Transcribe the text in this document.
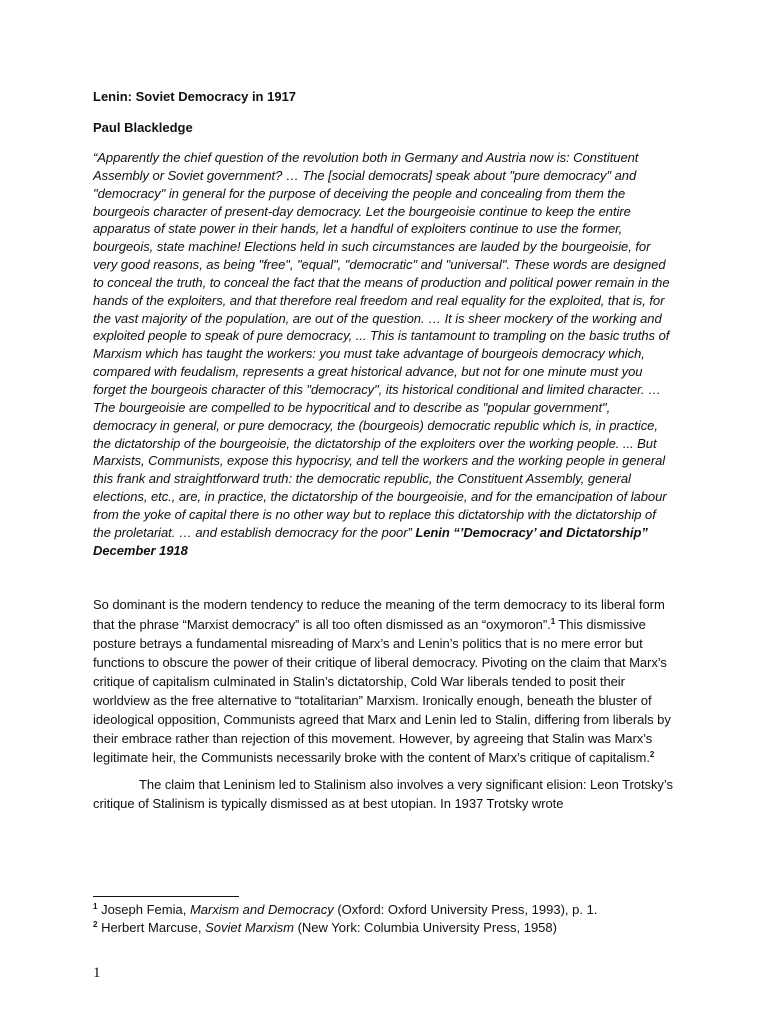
Lenin: Soviet Democracy in 1917

Paul Blackledge

“Apparently the chief question of the revolution both in Germany and Austria now is: Constituent Assembly or Soviet government? … The [social democrats] speak about "pure democracy" and "democracy" in general for the purpose of deceiving the people and concealing from them the bourgeois character of present-day democracy. Let the bourgeoisie continue to keep the entire apparatus of state power in their hands, let a handful of exploiters continue to use the former, bourgeois, state machine! Elections held in such circumstances are lauded by the bourgeoisie, for very good reasons, as being "free", "equal", "democratic" and "universal". These words are designed to conceal the truth, to conceal the fact that the means of production and political power remain in the hands of the exploiters, and that therefore real freedom and real equality for the exploited, that is, for the vast majority of the population, are out of the question. … It is sheer mockery of the working and exploited people to speak of pure democracy, ... This is tantamount to trampling on the basic truths of Marxism which has taught the workers: you must take advantage of bourgeois democracy which, compared with feudalism, represents a great historical advance, but not for one minute must you forget the bourgeois character of this "democracy", its historical conditional and limited character. … The bourgeoisie are compelled to be hypocritical and to describe as "popular government", democracy in general, or pure democracy, the (bourgeois) democratic republic which is, in practice, the dictatorship of the bourgeoisie, the dictatorship of the exploiters over the working people. ... But Marxists, Communists, expose this hypocrisy, and tell the workers and the working people in general this frank and straightforward truth: the democratic republic, the Constituent Assembly, general elections, etc., are, in practice, the dictatorship of the bourgeoisie, and for the emancipation of labour from the yoke of capital there is no other way but to replace this dictatorship with the dictatorship of the proletariat. … and establish democracy for the poor” Lenin “’Democracy’ and Dictatorship” December 1918

So dominant is the modern tendency to reduce the meaning of the term democracy to its liberal form that the phrase “Marxist democracy” is all too often dismissed as an “oxymoron”.$^1$ This dismissive posture betrays a fundamental misreading of Marx’s and Lenin’s politics that is no mere error but functions to obscure the power of their critique of liberal democracy. Pivoting on the claim that Marx’s critique of capitalism culminated in Stalin’s dictatorship, Cold War liberals tended to posit their worldview as the free alternative to “totalitarian” Marxism. Ironically enough, beneath the bluster of ideological opposition, Communists agreed that Marx and Lenin led to Stalin, differing from liberals by their embrace rather than rejection of this movement. However, by agreeing that Stalin was Marx’s legitimate heir, the Communists necessarily broke with the content of Marx’s critique of capitalism.$^2$

The claim that Leninism led to Stalinism also involves a very significant elision: Leon Trotsky’s critique of Stalinism is typically dismissed as at best utopian. In 1937 Trotsky wrote

$^1$ Joseph Femia, Marxism and Democracy (Oxford: Oxford University Press, 1993), p. 1.

$^2$ Herbert Marcuse, Soviet Marxism (New York: Columbia University Press, 1958)

1
